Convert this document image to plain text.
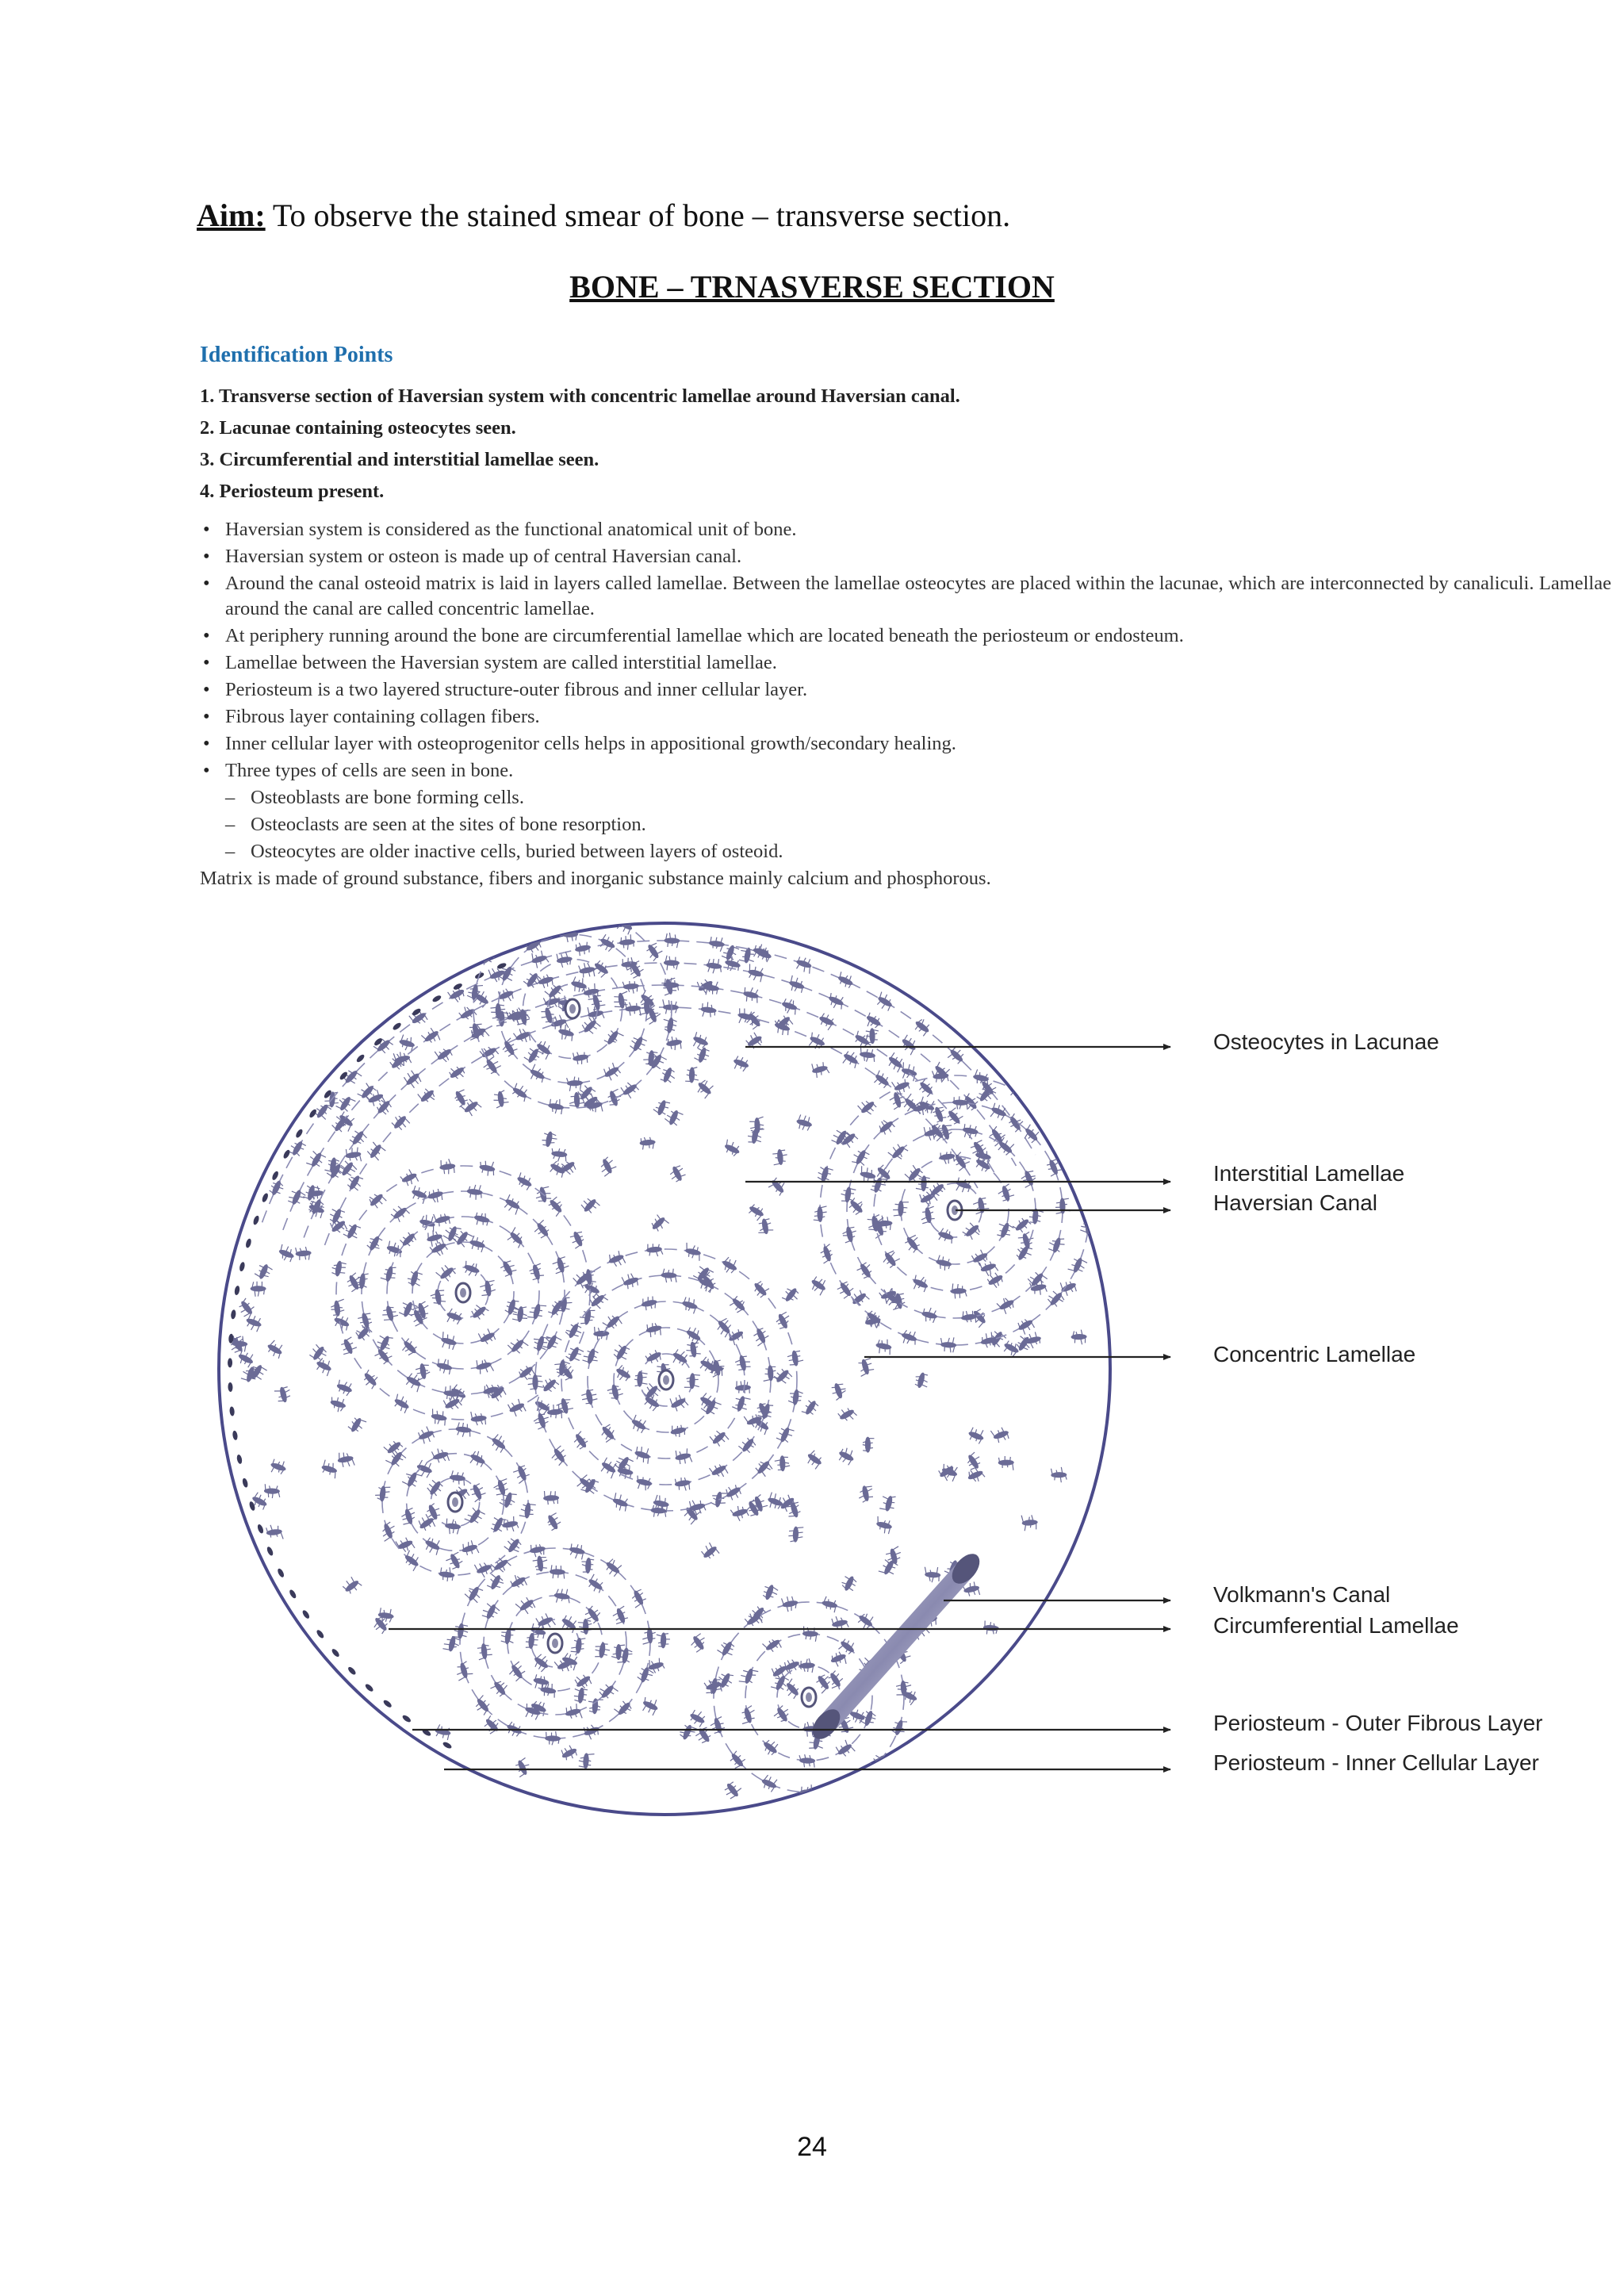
Aim: To observe the stained smear of bone – transverse section.
BONE – TRNASVERSE SECTION
Identification Points
1. Transverse section of Haversian system with concentric lamellae around Haversian canal.
2. Lacunae containing osteocytes seen.
3. Circumferential and interstitial lamellae seen.
4. Periosteum present.
• Haversian system is considered as the functional anatomical unit of bone.
• Haversian system or osteon is made up of central Haversian canal.
• Around the canal osteoid matrix is laid in layers called lamellae. Between the lamellae osteocytes are placed within the lacunae, which are interconnected by canaliculi. Lamellae around the canal are called concentric lamellae.
• At periphery running around the bone are circumferential lamellae which are located beneath the periosteum or endosteum.
• Lamellae between the Haversian system are called interstitial lamellae.
• Periosteum is a two layered structure-outer fibrous and inner cellular layer.
• Fibrous layer containing collagen fibers.
• Inner cellular layer with osteoprogenitor cells helps in appositional growth/secondary healing.
• Three types of cells are seen in bone.
– Osteoblasts are bone forming cells.
– Osteoclasts are seen at the sites of bone resorption.
– Osteocytes are older inactive cells, buried between layers of osteoid.
Matrix is made of ground substance, fibers and inorganic substance mainly calcium and phosphorous.
Osteocytes in Lacunae
Interstitial Lamellae
Haversian Canal
Concentric Lamellae
Volkmann's Canal
Circumferential Lamellae
Periosteum - Outer Fibrous Layer
Periosteum - Inner Cellular Layer
24
